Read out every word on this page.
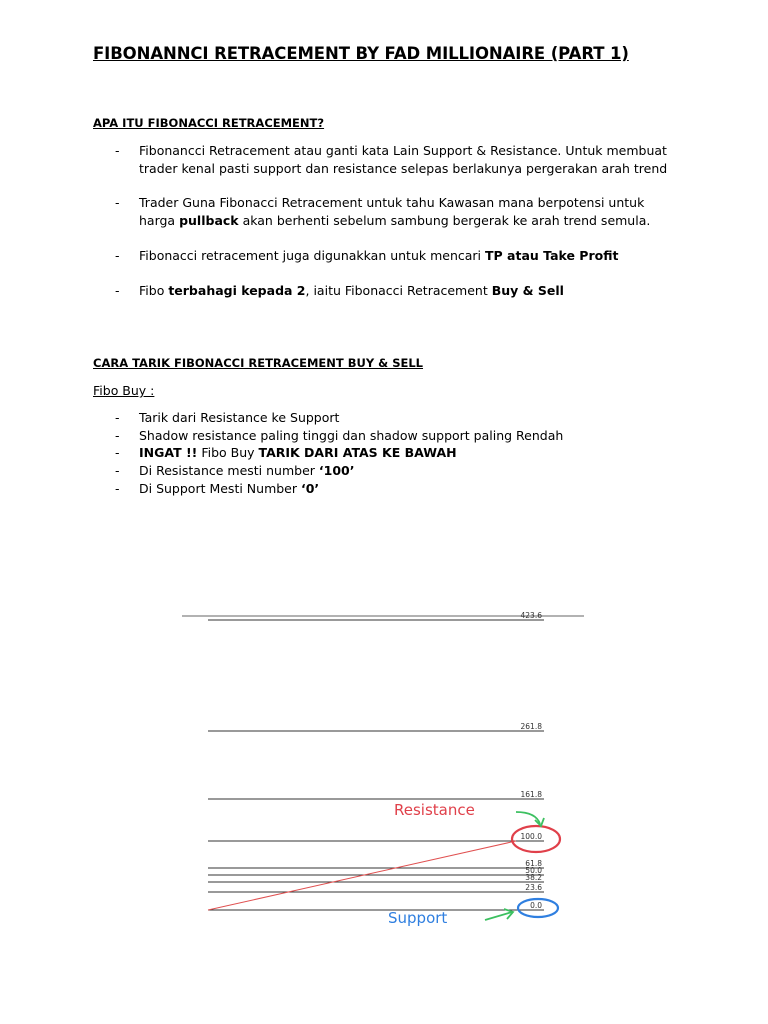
FIBONANNCI RETRACEMENT BY FAD MILLIONAIRE (PART 1)
APA ITU FIBONACCI RETRACEMENT?
- Fibonancci Retracement atau ganti kata Lain Support & Resistance. Untuk membuat trader kenal pasti support dan resistance selepas berlakunya pergerakan arah trend
- Trader Guna Fibonacci Retracement untuk tahu Kawasan mana berpotensi untuk harga pullback akan berhenti sebelum sambung bergerak ke arah trend semula.
- Fibonacci retracement juga digunakkan untuk mencari TP atau Take Profit
- Fibo terbahagi kepada 2, iaitu Fibonacci Retracement Buy & Sell
CARA TARIK FIBONACCI RETRACEMENT BUY & SELL
Fibo Buy :
- Tarik dari Resistance ke Support
- Shadow resistance paling tinggi dan shadow support paling Rendah
- INGAT !! Fibo Buy TARIK DARI ATAS KE BAWAH
- Di Resistance mesti number ‘100’
- Di Support Mesti Number ‘0’
423.6
261.8
161.8
100.0
61.8
50.0
38.2
23.6
0.0
Resistance
Support
